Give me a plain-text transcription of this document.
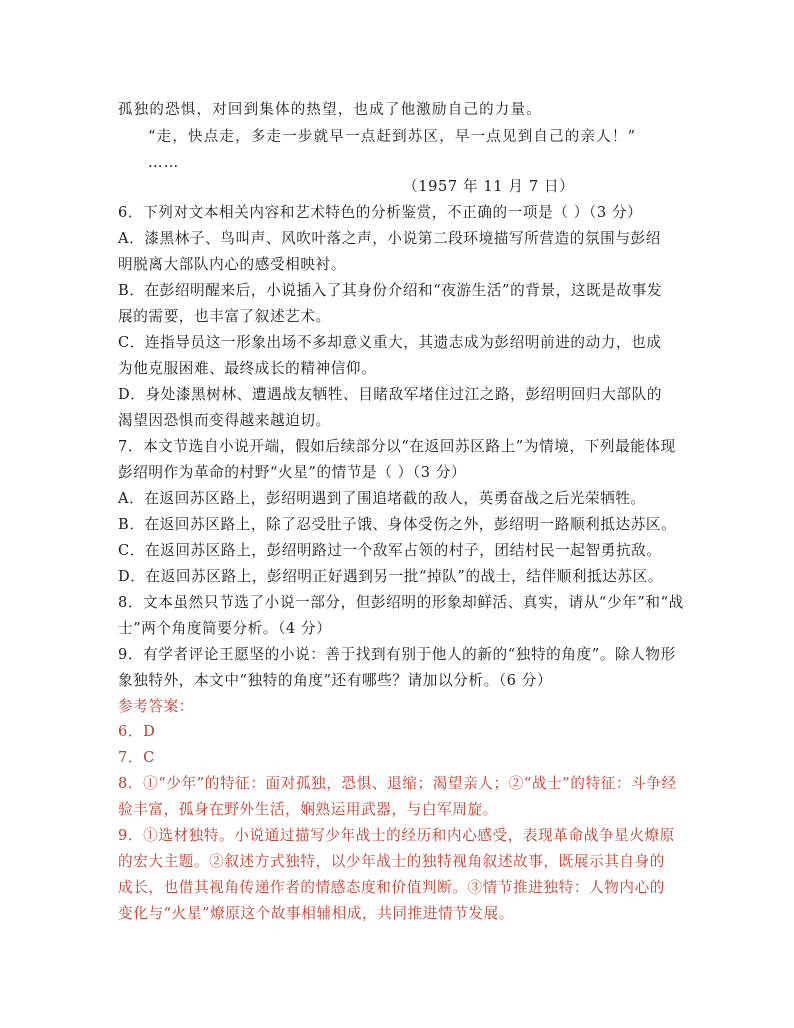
孤独的恐惧，对回到集体的热望，也成了他激励自己的力量。
“走，快点走，多走一步就早一点赶到苏区，早一点见到自己的亲人！”
……
（1957 年 11 月 7 日）
6．下列对文本相关内容和艺术特色的分析鉴赏，不正确的一项是（ ）（3 分）
A．漆黑林子、鸟叫声、风吹叶落之声，小说第二段环境描写所营造的氛围与彭绍
明脱离大部队内心的感受相映衬。
B．在彭绍明醒来后，小说插入了其身份介绍和“夜游生活”的背景，这既是故事发
展的需要，也丰富了叙述艺术。
C．连指导员这一形象出场不多却意义重大，其遗志成为彭绍明前进的动力，也成
为他克服困难、最终成长的精神信仰。
D．身处漆黑树林、遭遇战友牺牲、目睹敌军堵住过江之路，彭绍明回归大部队的
渴望因恐惧而变得越来越迫切。
7．本文节选自小说开端，假如后续部分以“在返回苏区路上”为情境，下列最能体现
彭绍明作为革命的村野“火星”的情节是（ ）（3 分）
A．在返回苏区路上，彭绍明遇到了围追堵截的敌人，英勇奋战之后光荣牺牲。
B．在返回苏区路上，除了忍受肚子饿、身体受伤之外，彭绍明一路顺利抵达苏区。
C．在返回苏区路上，彭绍明路过一个敌军占领的村子，团结村民一起智勇抗敌。
D．在返回苏区路上，彭绍明正好遇到另一批“掉队”的战士，结伴顺利抵达苏区。
8．文本虽然只节选了小说一部分，但彭绍明的形象却鲜活、真实，请从“少年”和“战
士”两个角度简要分析。（4 分）
9．有学者评论王愿坚的小说：善于找到有别于他人的新的“独特的角度”。除人物形
象独特外，本文中“独特的角度”还有哪些？请加以分析。（6 分）
参考答案：
6．D
7．C
8．①“少年”的特征：面对孤独，恐惧、退缩；渴望亲人；②“战士”的特征：斗争经
验丰富，孤身在野外生活，娴熟运用武器，与白军周旋。
9．①选材独特。小说通过描写少年战士的经历和内心感受，表现革命战争星火燎原
的宏大主题。②叙述方式独特，以少年战士的独特视角叙述故事，既展示其自身的
成长，也借其视角传递作者的情感态度和价值判断。③情节推进独特：人物内心的
变化与“火星”燎原这个故事相辅相成，共同推进情节发展。
